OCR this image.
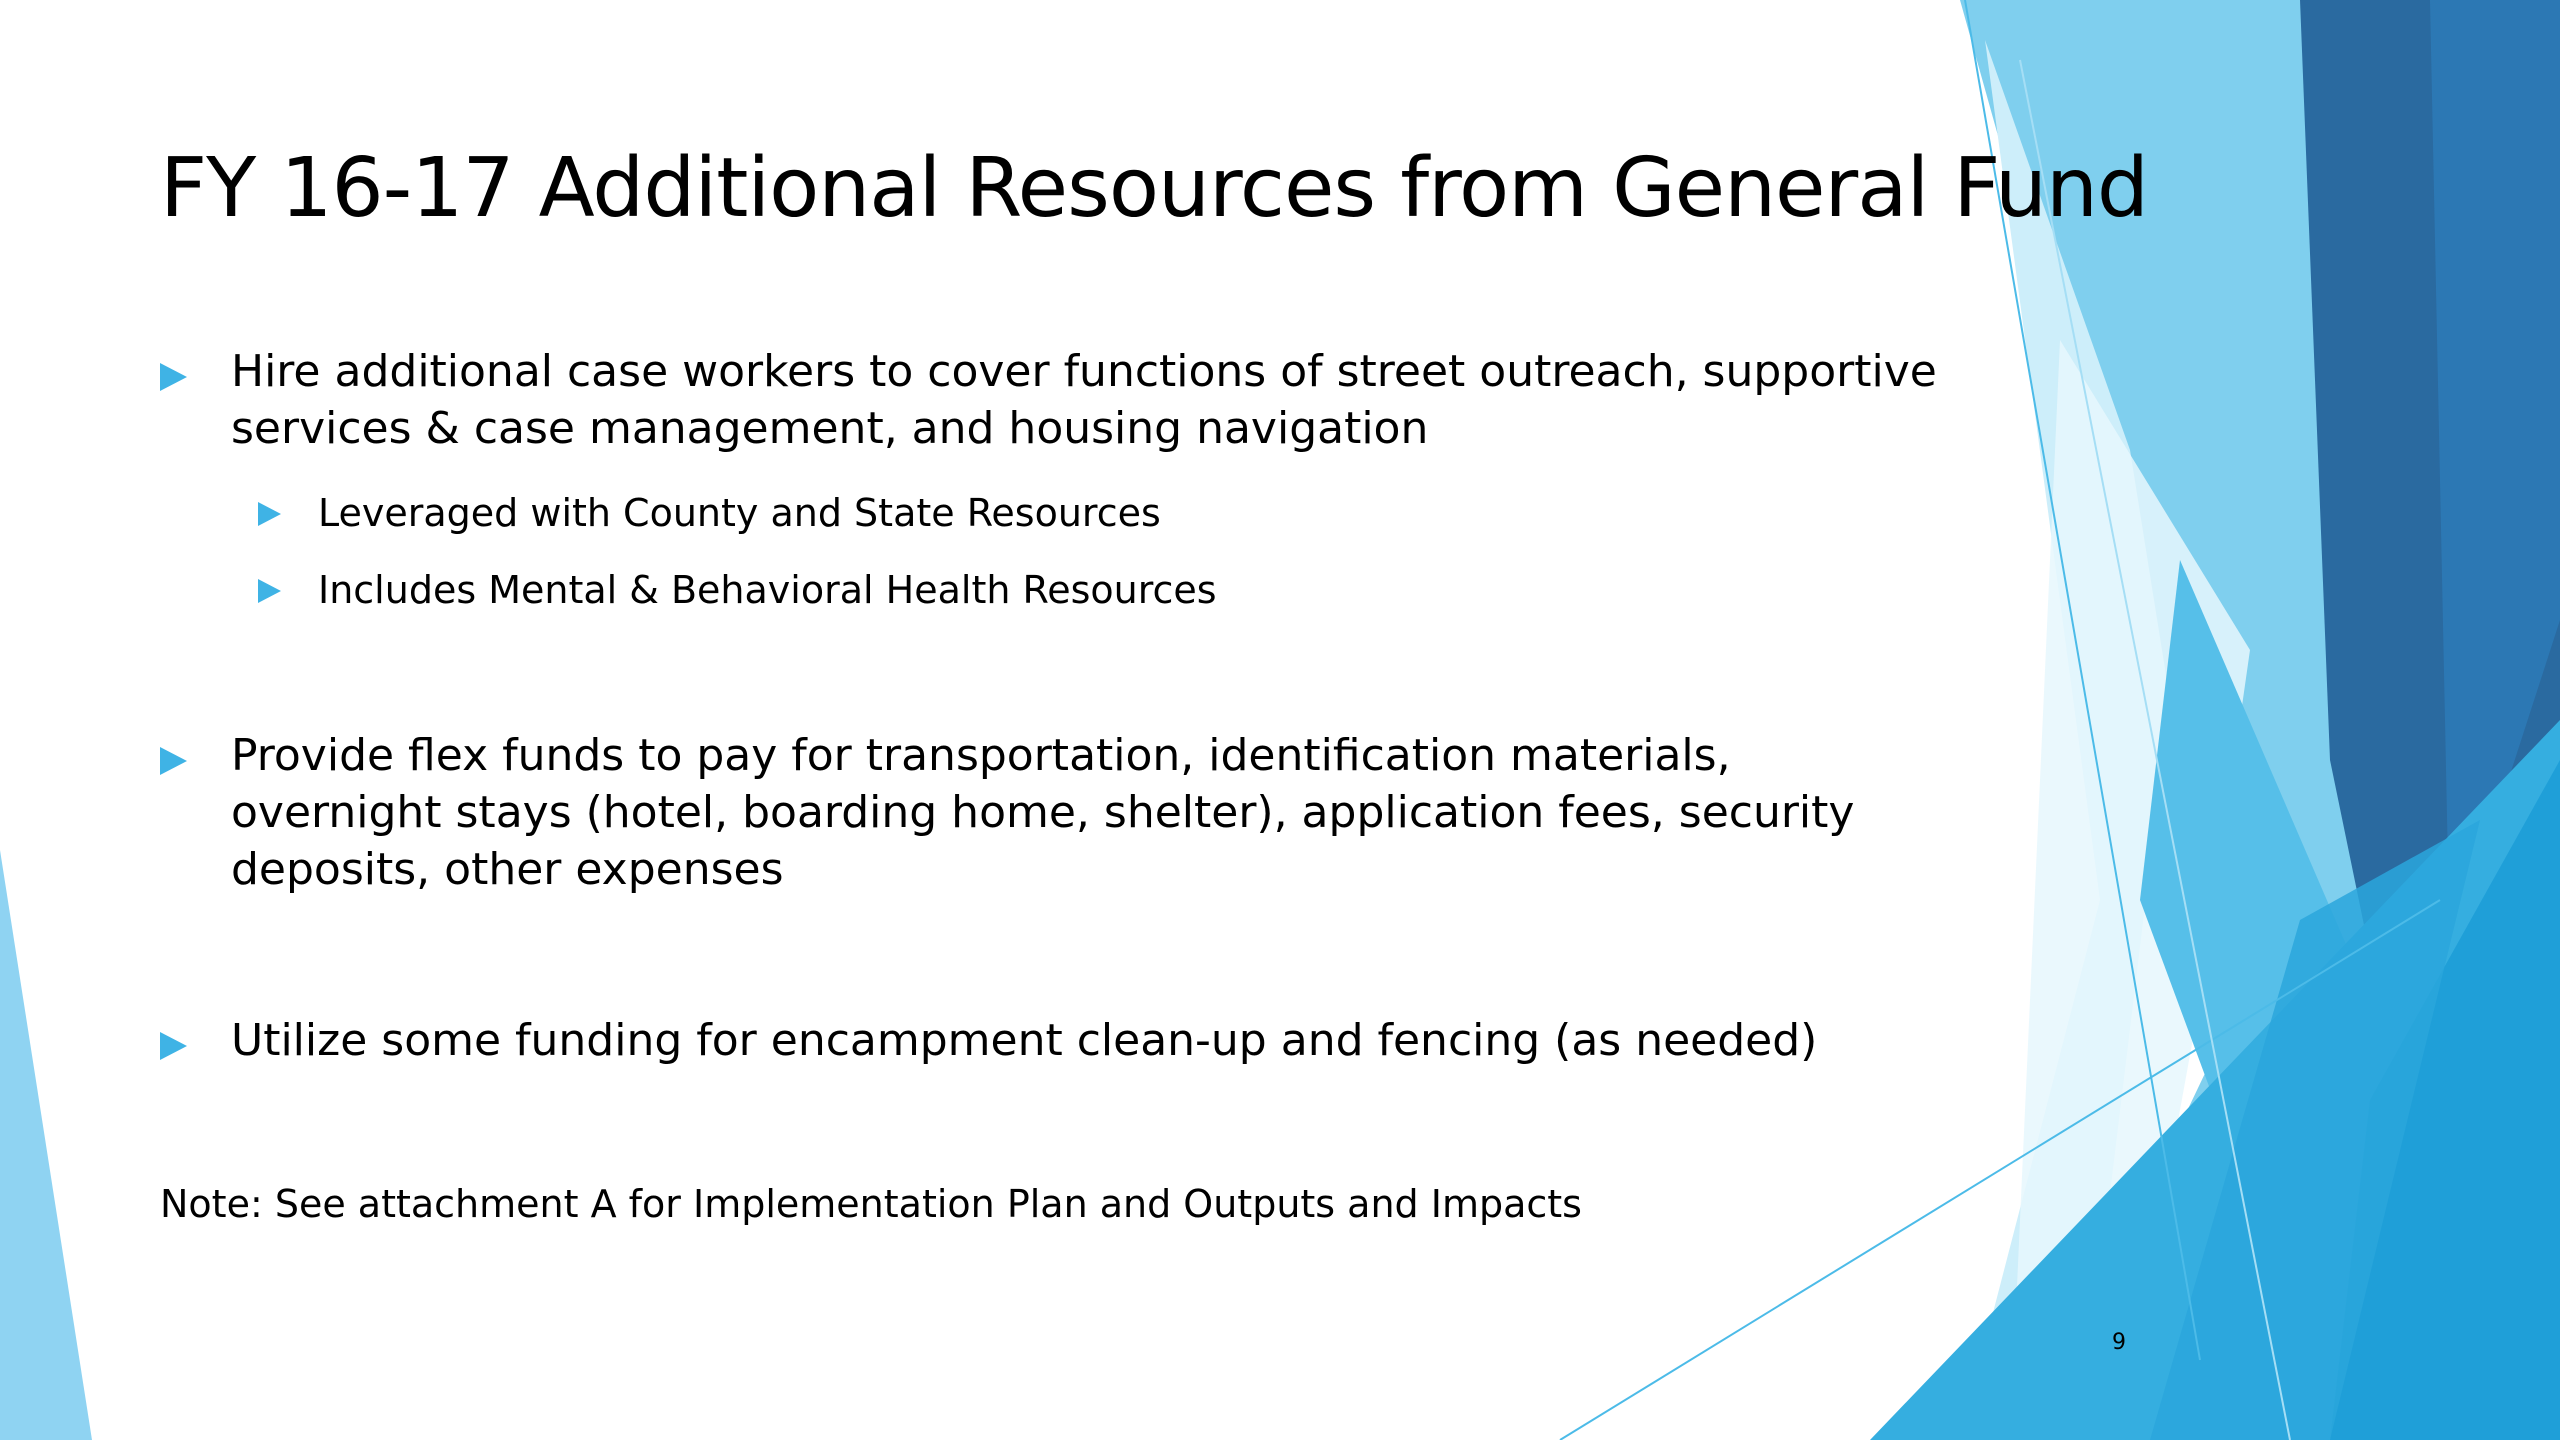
FY 16-17 Additional Resources from General Fund
Hire additional case workers to cover functions of street outreach, supportive services & case management, and housing navigation
Leveraged with County and State Resources
Includes Mental & Behavioral Health Resources
Provide flex funds to pay for transportation, identification materials, overnight stays (hotel, boarding home, shelter), application fees, security deposits, other expenses
Utilize some funding for encampment clean-up and fencing (as needed)
Note: See attachment A for Implementation Plan and Outputs and Impacts
9
